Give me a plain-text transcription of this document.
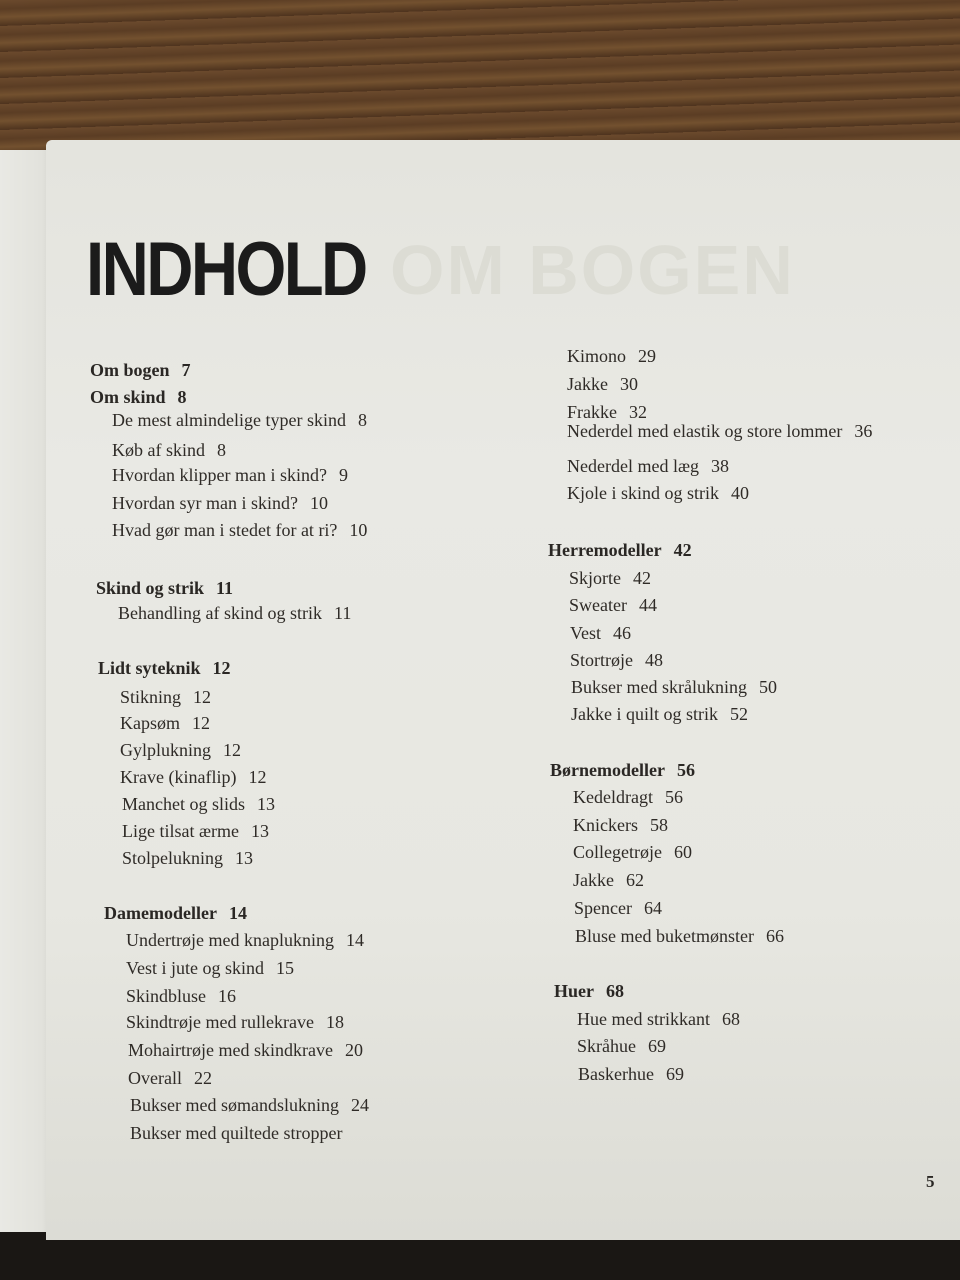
OM BOGEN
INDHOLD
Om bogen 7
Om skind 8
De mest almindelige typer skind 8
Køb af skind 8
Hvordan klipper man i skind? 9
Hvordan syr man i skind? 10
Hvad gør man i stedet for at ri? 10
Skind og strik 11
Behandling af skind og strik 11
Lidt syteknik 12
Stikning 12
Kapsøm 12
Gylplukning 12
Krave (kinaflip) 12
Manchet og slids 13
Lige tilsat ærme 13
Stolpelukning 13
Damemodeller 14
Undertrøje med knaplukning 14
Vest i jute og skind 15
Skindbluse 16
Skindtrøje med rullekrave 18
Mohairtrøje med skindkrave 20
Overall 22
Bukser med sømandslukning 24
Bukser med quiltede stropper
Kimono 29
Jakke 30
Frakke 32
Nederdel med elastik og store lommer 36
Nederdel med læg 38
Kjole i skind og strik 40
Herremodeller 42
Skjorte 42
Sweater 44
Vest 46
Stortrøje 48
Bukser med skrålukning 50
Jakke i quilt og strik 52
Børnemodeller 56
Kedeldragt 56
Knickers 58
Collegetrøje 60
Jakke 62
Spencer 64
Bluse med buketmønster 66
Huer 68
Hue med strikkant 68
Skråhue 69
Baskerhue 69
5
